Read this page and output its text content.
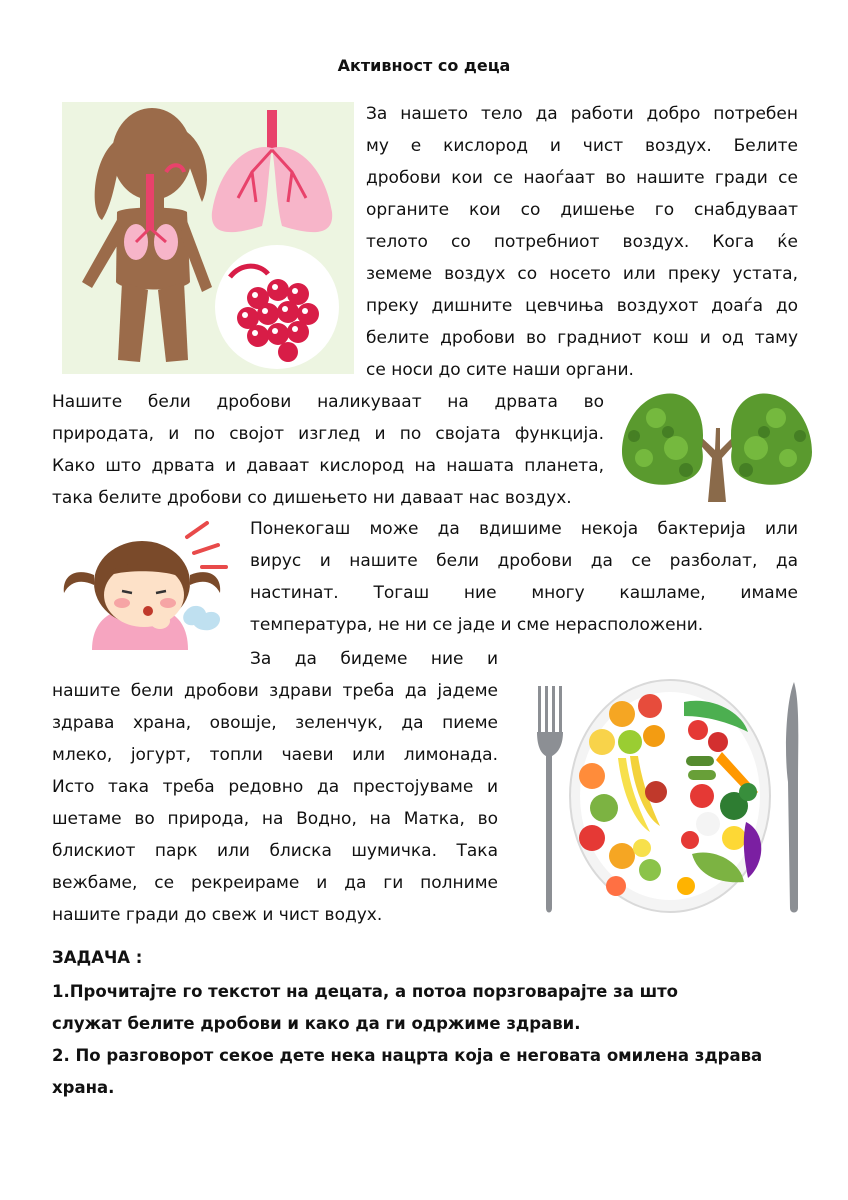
Активност со деца
За нашето тело да работи добро потребен
му е кислород и чист воздух. Белите
дробови кои се наоѓаат во нашите гради се
органите кои со дишење го снабдуваат
телото со потребниот воздух. Кога ќе
земеме воздух со носето или преку устата,
преку дишните цевчиња воздухот доаѓа до
белите дробови во градниот кош и од таму
се носи до сите наши органи.
Нашите бели дробови наликуваат на дрвата во
природата, и по својот изглед и по својата функција.
Како што дрвата и даваат кислород на нашата планета,
така белите дробови со дишењето ни даваат нас воздух.
Понекогаш може да вдишиме некоја бактерија или
вирус и нашите бели дробови да се разболат, да
настинат. Тогаш ние многу кашламе, имаме
температура, не ни се јаде и сме нерасположени.
За да бидеме ние и
нашите бели дробови здрави треба да јадеме
здрава храна, овошје, зеленчук, да пиеме
млеко, јогурт, топли чаеви или лимонада.
Исто така треба редовно да престојуваме и
шетаме во природа, на Водно, на Матка, во
блискиот парк или блиска шумичка. Така
вежбаме, се рекреираме и да ги полниме
нашите гради до свеж и чист водух.
ЗАДАЧА :
1.Прочитајте го текстот на децата, а потоа порзговарајте за што
служат белите дробови и како да ги одржиме здрави.
2. По разговорот секое дете нека нацрта која е неговата омилена здрава
храна.
